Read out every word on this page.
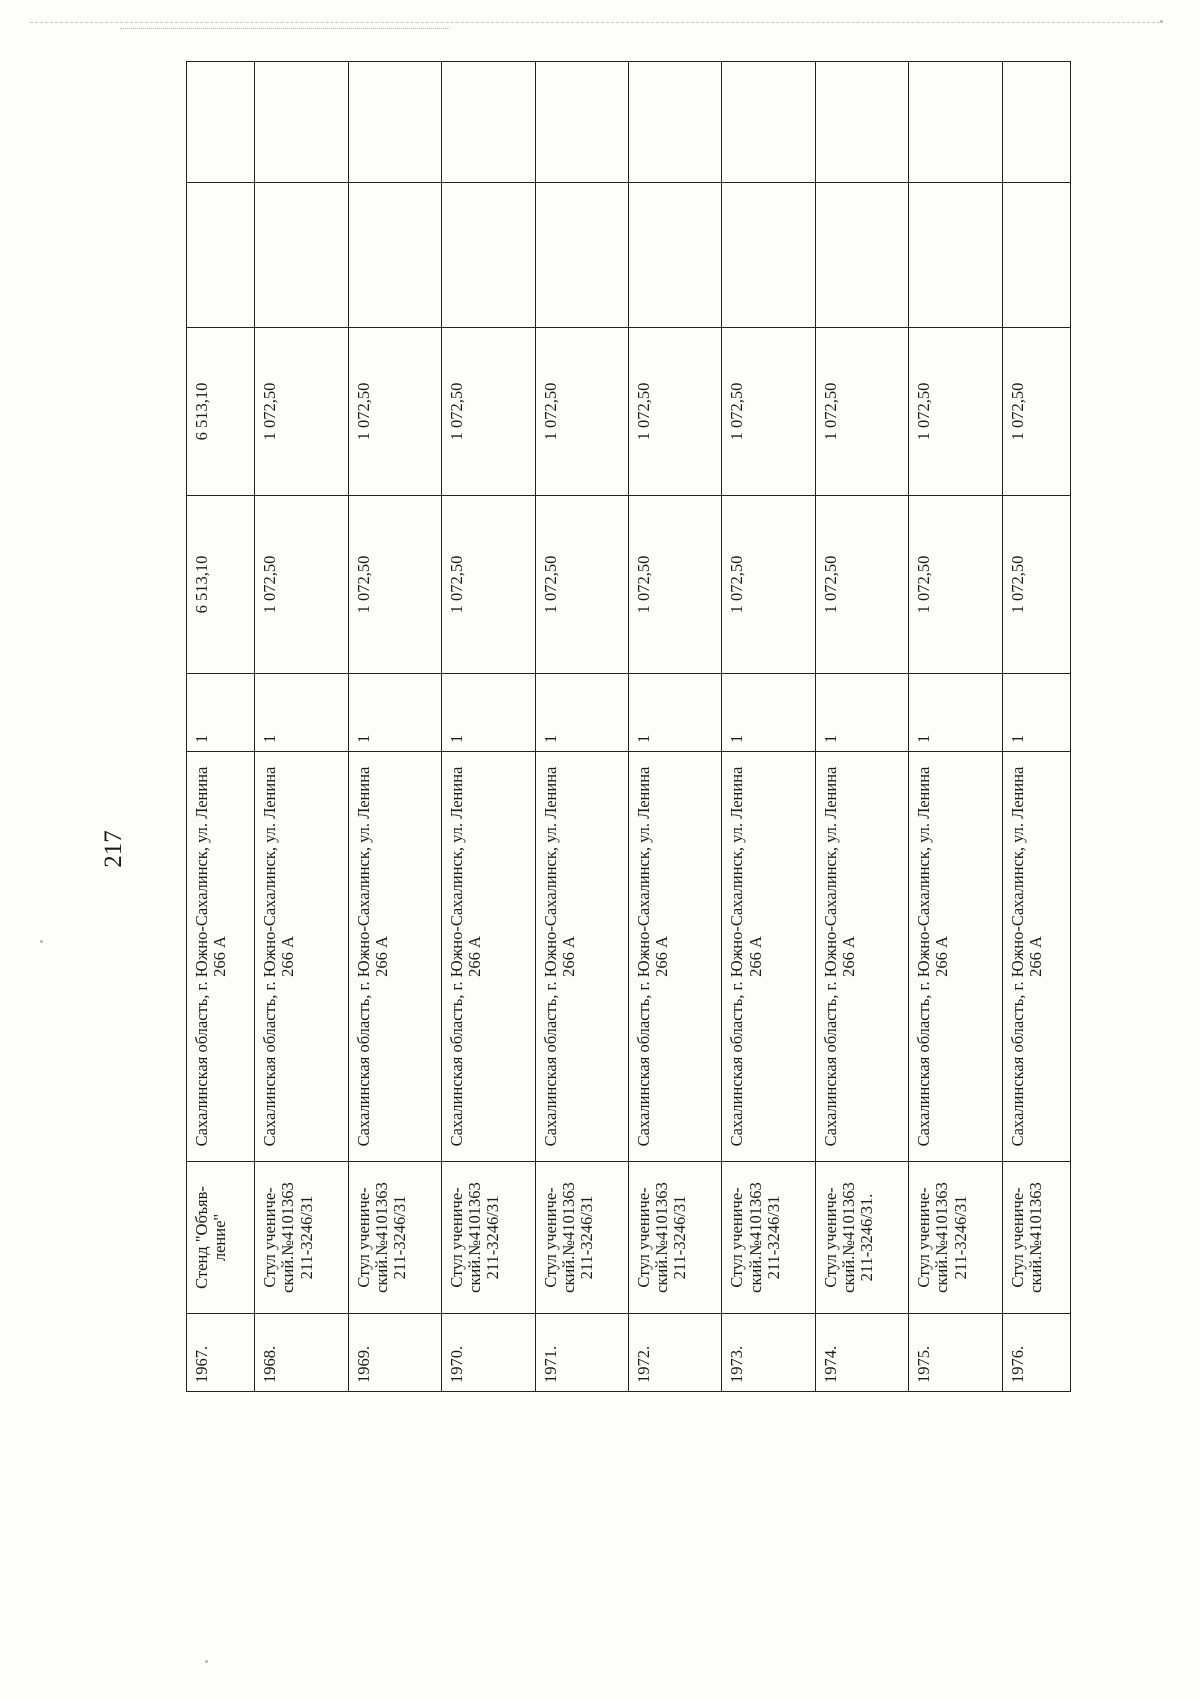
217
1967.	Стенд "Объяв-ление"	Сахалинская область, г. Южно-Сахалинск, ул. Ленина 266 А	1	6 513,10	6 513,10		
1968.	Стул учениче-ский.№4101363 211-3246/31	Сахалинская область, г. Южно-Сахалинск, ул. Ленина 266 А	1	1 072,50	1 072,50		
1969.	Стул учениче-ский.№4101363 211-3246/31	Сахалинская область, г. Южно-Сахалинск, ул. Ленина 266 А	1	1 072,50	1 072,50		
1970.	Стул учениче-ский.№4101363 211-3246/31	Сахалинская область, г. Южно-Сахалинск, ул. Ленина 266 А	1	1 072,50	1 072,50		
1971.	Стул учениче-ский.№4101363 211-3246/31	Сахалинская область, г. Южно-Сахалинск, ул. Ленина 266 А	1	1 072,50	1 072,50		
1972.	Стул учениче-ский.№4101363 211-3246/31	Сахалинская область, г. Южно-Сахалинск, ул. Ленина 266 А	1	1 072,50	1 072,50		
1973.	Стул учениче-ский.№4101363 211-3246/31	Сахалинская область, г. Южно-Сахалинск, ул. Ленина 266 А	1	1 072,50	1 072,50		
1974.	Стул учениче-ский.№4101363 211-3246/31.	Сахалинская область, г. Южно-Сахалинск, ул. Ленина 266 А	1	1 072,50	1 072,50		
1975.	Стул учениче-ский.№4101363 211-3246/31	Сахалинская область, г. Южно-Сахалинск, ул. Ленина 266 А	1	1 072,50	1 072,50		
1976.	Стул учениче-ский.№4101363	Сахалинская область, г. Южно-Сахалинск, ул. Ленина 266 А	1	1 072,50	1 072,50		
